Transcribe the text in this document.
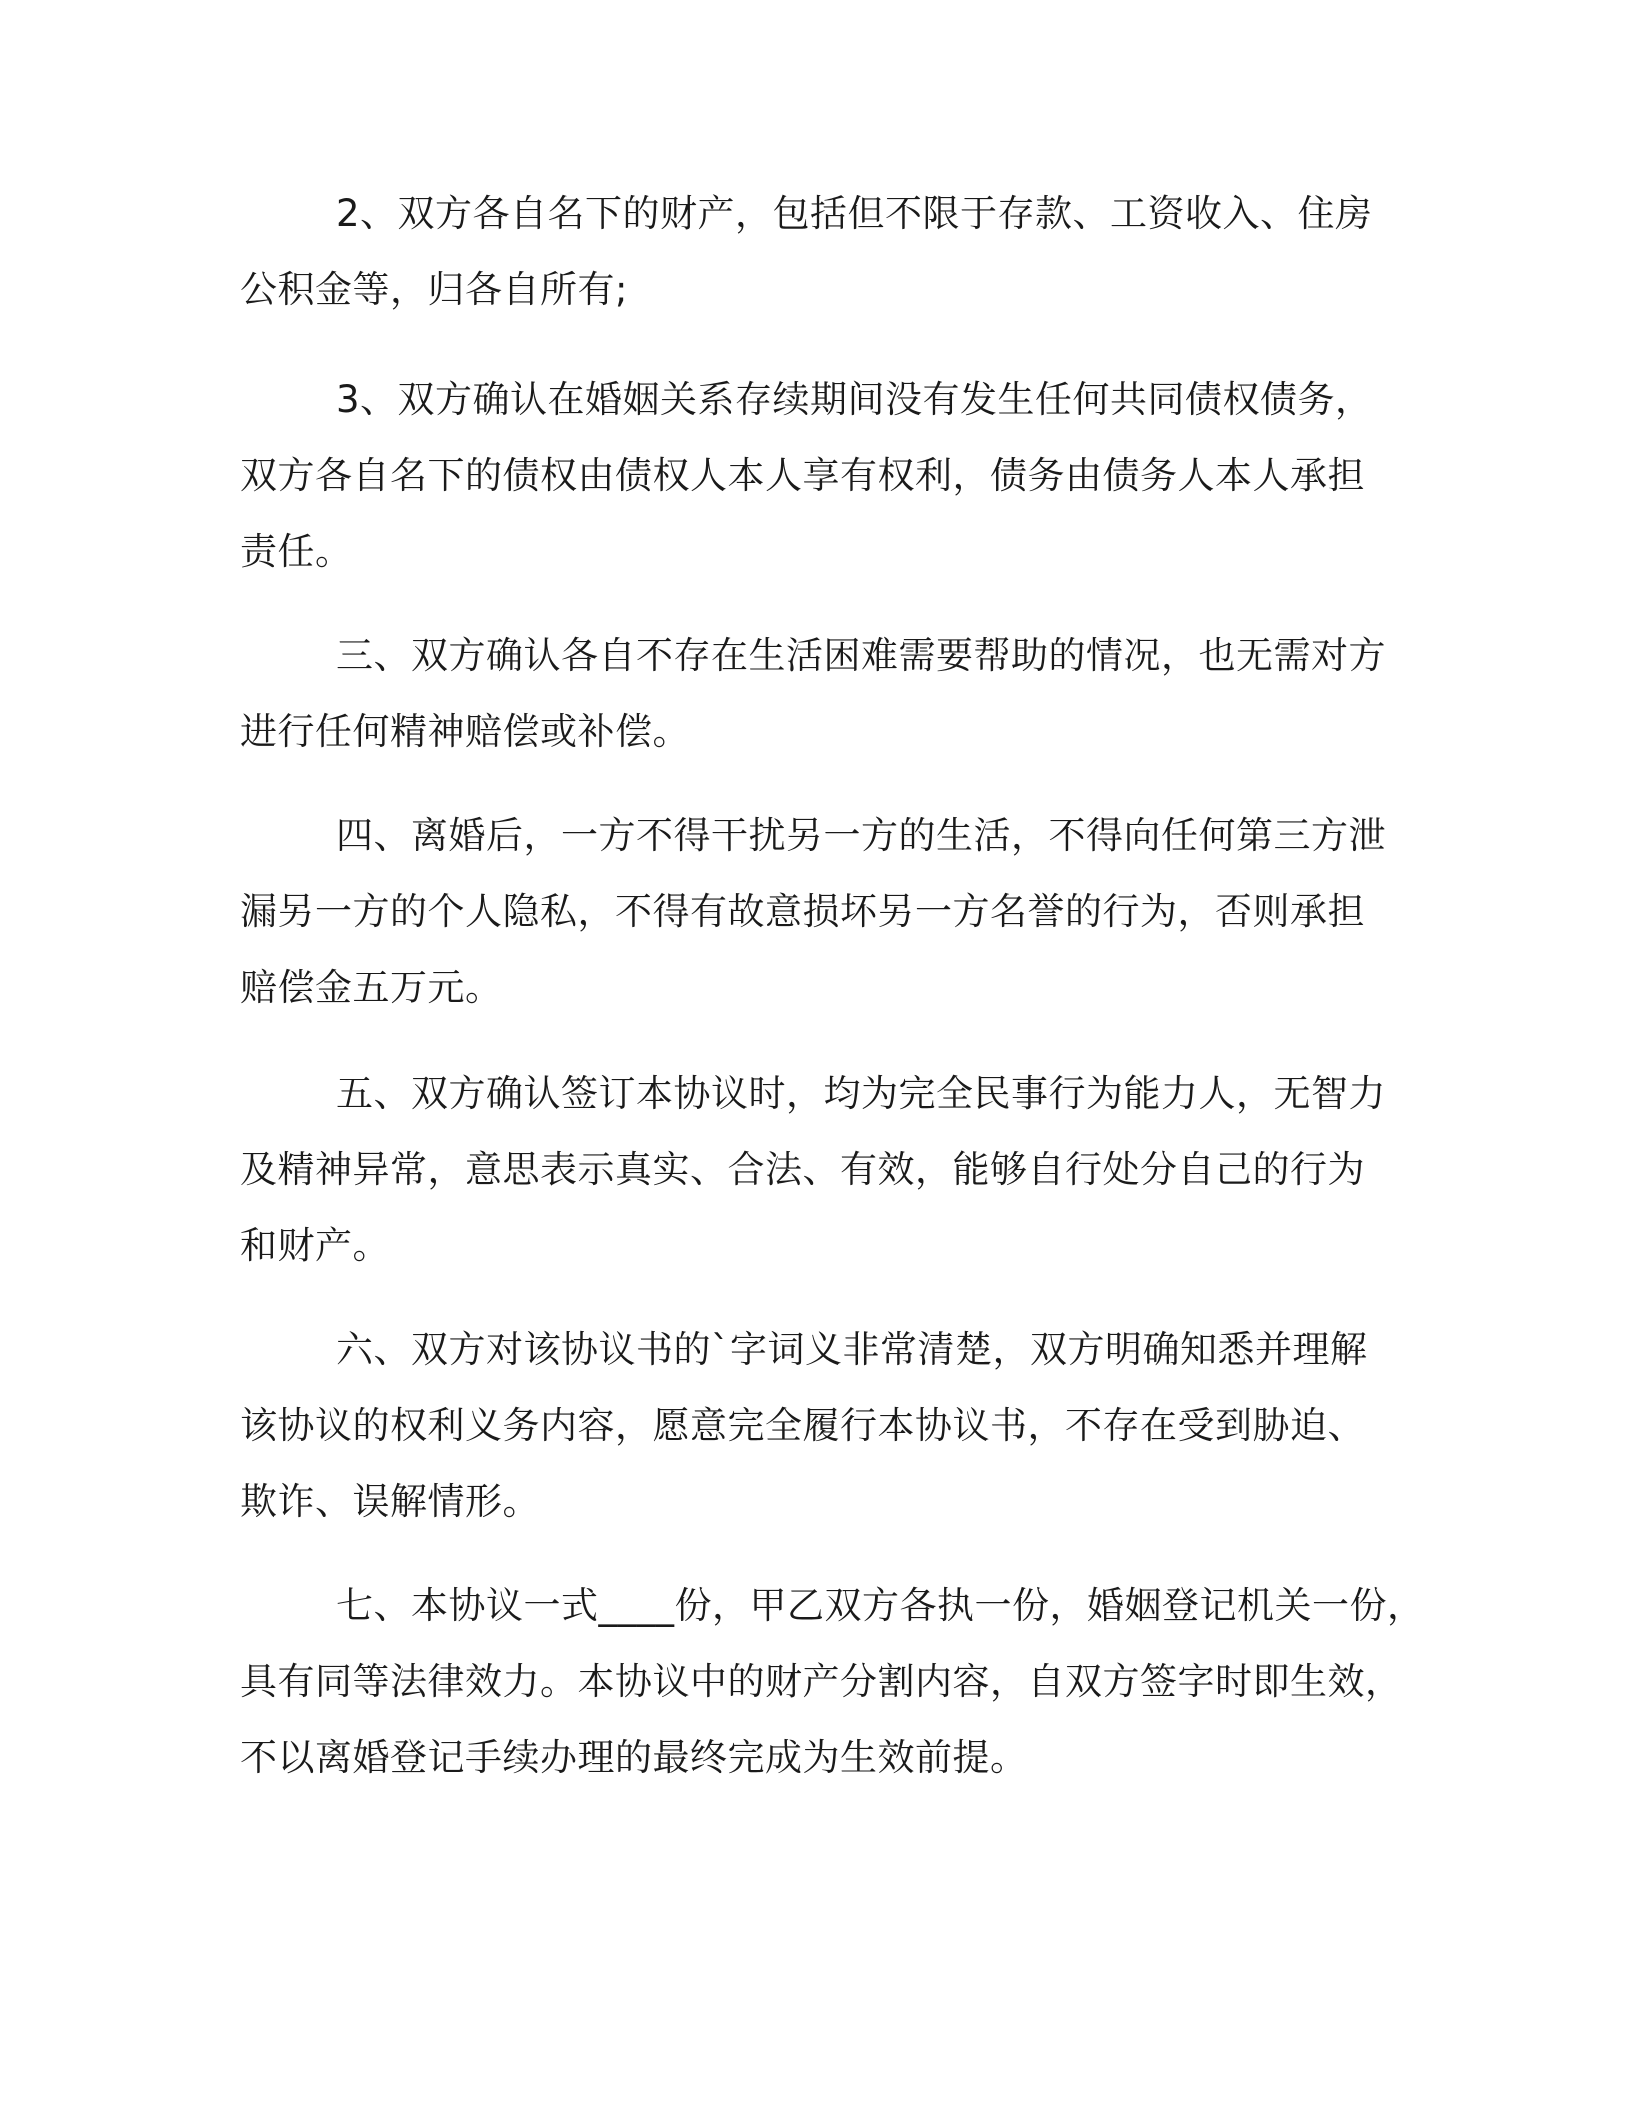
2、双方各自名下的财产，包括但不限于存款、工资收入、住房
公积金等，归各自所有;

3、双方确认在婚姻关系存续期间没有发生任何共同债权债务，
双方各自名下的债权由债权人本人享有权利，债务由债务人本人承担
责任。

三、双方确认各自不存在生活困难需要帮助的情况，也无需对方
进行任何精神赔偿或补偿。

四、离婚后，一方不得干扰另一方的生活，不得向任何第三方泄
漏另一方的个人隐私，不得有故意损坏另一方名誉的行为，否则承担
赔偿金五万元。

五、双方确认签订本协议时，均为完全民事行为能力人，无智力
及精神异常，意思表示真实、合法、有效，能够自行处分自己的行为
和财产。

六、双方对该协议书的`字词义非常清楚，双方明确知悉并理解
该协议的权利义务内容，愿意完全履行本协议书，不存在受到胁迫、
欺诈、误解情形。

七、本协议一式____份，甲乙双方各执一份，婚姻登记机关一份，
具有同等法律效力。本协议中的财产分割内容，自双方签字时即生效，
不以离婚登记手续办理的最终完成为生效前提。
